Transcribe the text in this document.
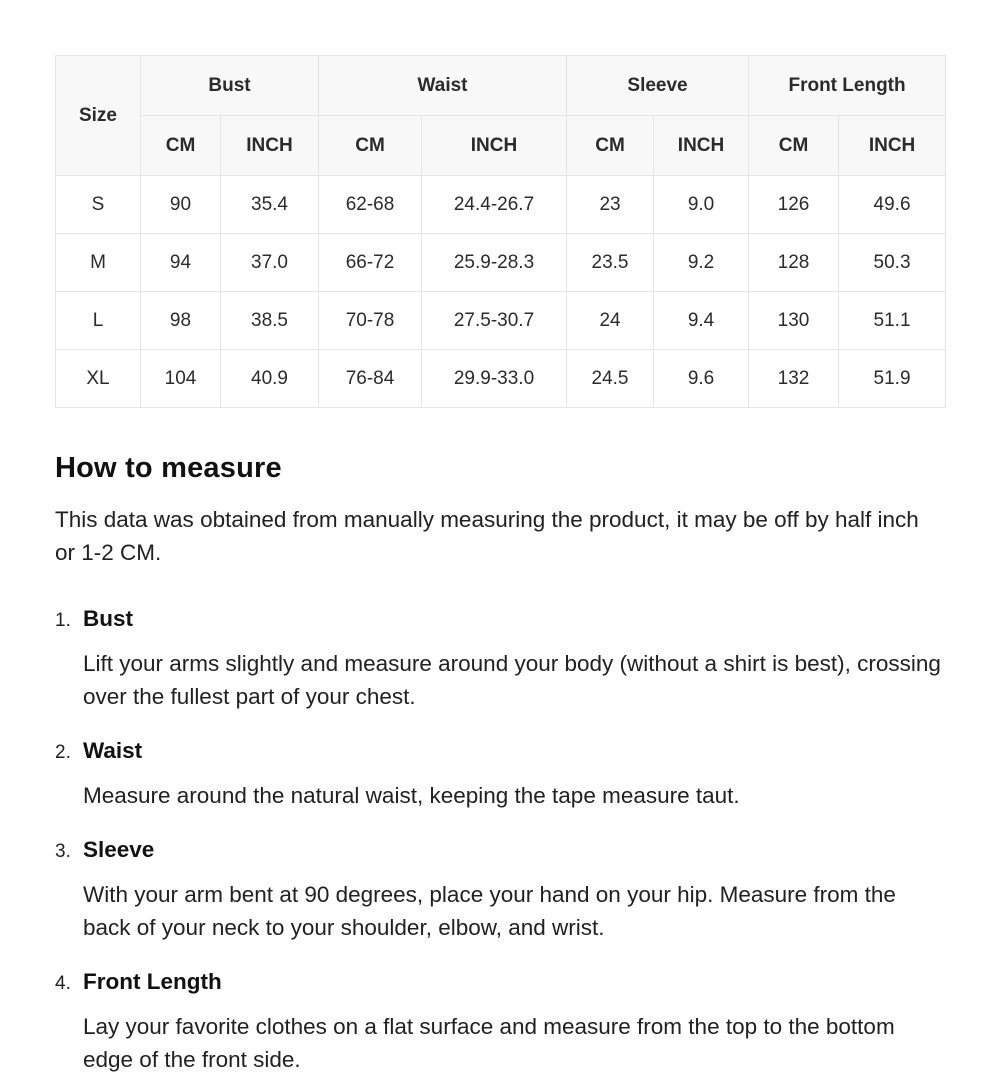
Size	Bust		Waist		Sleeve		Front Length	
	CM	INCH	CM	INCH	CM	INCH	CM	INCH
S	90	35.4	62-68	24.4-26.7	23	9.0	126	49.6
M	94	37.0	66-72	25.9-28.3	23.5	9.2	128	50.3
L	98	38.5	70-78	27.5-30.7	24	9.4	130	51.1
XL	104	40.9	76-84	29.9-33.0	24.5	9.6	132	51.9
How to measure

This data was obtained from manually measuring the product, it may be off by half inch or 1-2 CM.

1. Bust

Lift your arms slightly and measure around your body (without a shirt is best), crossing over the fullest part of your chest.

2. Waist

Measure around the natural waist, keeping the tape measure taut.

3. Sleeve

With your arm bent at 90 degrees, place your hand on your hip. Measure from the back of your neck to your shoulder, elbow, and wrist.

4. Front Length

Lay your favorite clothes on a flat surface and measure from the top to the bottom edge of the front side.
